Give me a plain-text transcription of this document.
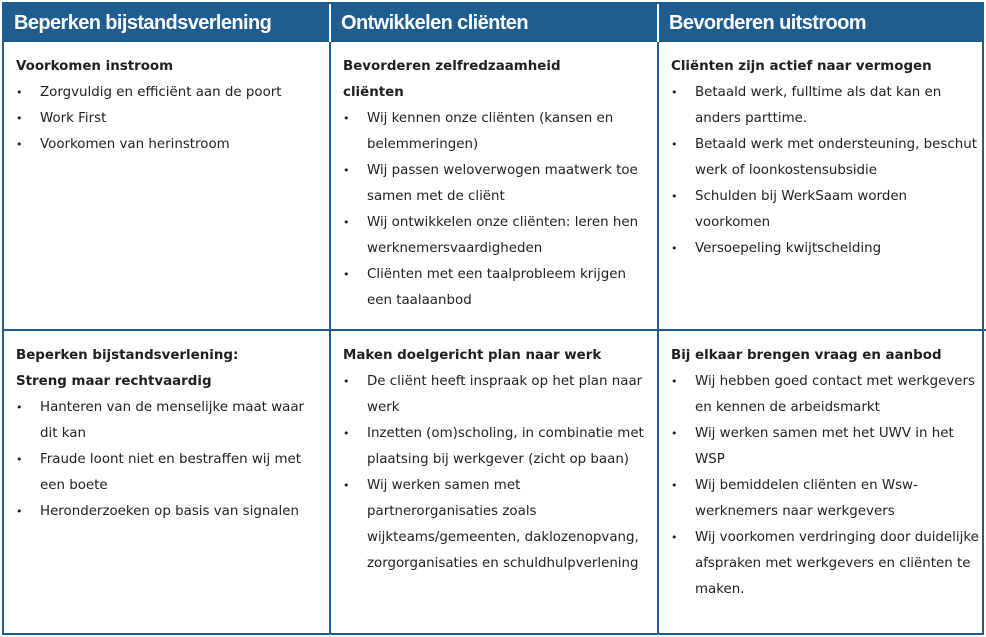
Beperken bijstandsverlening	Ontwikkelen cliënten	Bevorderen uitstroom
Voorkomen instroom
• Zorgvuldig en efficiënt aan de poort
• Work First
• Voorkomen van herinstroom
Bevorderen zelfredzaamheid cliënten
• Wij kennen onze cliënten (kansen en belemmeringen)
• Wij passen weloverwogen maatwerk toe samen met de cliënt
• Wij ontwikkelen onze cliënten: leren hen werknemersvaardigheden
• Cliënten met een taalprobleem krijgen een taalaanbod
Cliënten zijn actief naar vermogen
• Betaald werk, fulltime als dat kan en anders parttime.
• Betaald werk met ondersteuning, beschut werk of loonkostensubsidie
• Schulden bij WerkSaam worden voorkomen
• Versoepeling kwijtschelding
Beperken bijstandsverlening: Streng maar rechtvaardig
• Hanteren van de menselijke maat waar dit kan
• Fraude loont niet en bestraffen wij met een boete
• Heronderzoeken op basis van signalen
Maken doelgericht plan naar werk
• De cliënt heeft inspraak op het plan naar werk
• Inzetten (om)scholing, in combinatie met plaatsing bij werkgever (zicht op baan)
• Wij werken samen met partnerorganisaties zoals wijkteams/gemeenten, daklozenopvang, zorgorganisaties en schuldhulpverlening
Bij elkaar brengen vraag en aanbod
• Wij hebben goed contact met werkgevers en kennen de arbeidsmarkt
• Wij werken samen met het UWV in het WSP
• Wij bemiddelen cliënten en Wsw-werknemers naar werkgevers
• Wij voorkomen verdringing door duidelijke afspraken met werkgevers en cliënten te maken.
